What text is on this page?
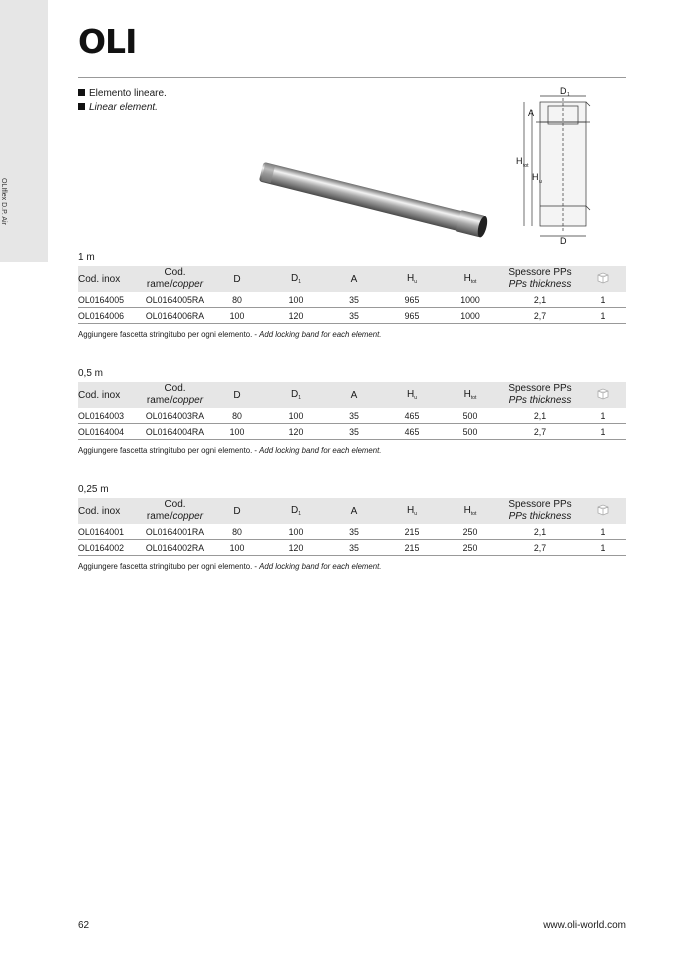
OLIflex D.P. Air
OLI
Elemento lineare.
Linear element.
D 1
A
H tot
H u
D
1 m
Cod. inox	Cod.
rame/copper	D	$D_1$	A	$H_u$	$H_{tot}$	Spessore PPs
PPs thickness	
OL0164005	OL0164005RA	80	100	35	965	1000	2,1	1
OL0164006	OL0164006RA	100	120	35	965	1000	2,7	1
Aggiungere fascetta stringitubo per ogni elemento. - Add locking band for each element.
0,5 m
Cod. inox	Cod.
rame/copper	D	$D_1$	A	$H_u$	$H_{tot}$	Spessore PPs
PPs thickness	
OL0164003	OL0164003RA	80	100	35	465	500	2,1	1
OL0164004	OL0164004RA	100	120	35	465	500	2,7	1
Aggiungere fascetta stringitubo per ogni elemento. - Add locking band for each element.
0,25 m
Cod. inox	Cod.
rame/copper	D	$D_1$	A	$H_u$	$H_{tot}$	Spessore PPs
PPs thickness	
OL0164001	OL0164001RA	80	100	35	215	250	2,1	1
OL0164002	OL0164002RA	100	120	35	215	250	2,7	1
Aggiungere fascetta stringitubo per ogni elemento. - Add locking band for each element.
62	www.oli-world.com
